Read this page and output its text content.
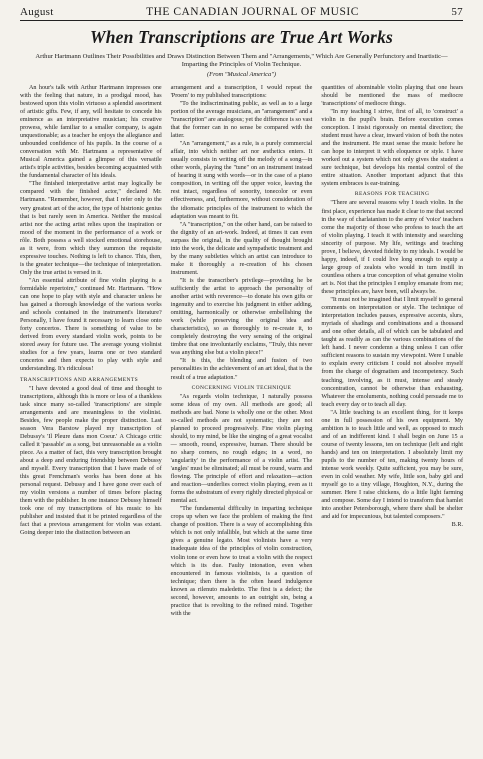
August	THE CANADIAN JOURNAL OF MUSIC	57
When Transcriptions are True Art Works
Arthur Hartmann Outlines Their Possibilities and Draws Distinction Between Them and "Arrangements," Which Are Generally Perfunctory and Inartistic—Imparting the Principles of Violin Technique.
(From "Musical America")

An hour's talk with Arthur Hartmann impresses one with the feeling that nature, in a prodigal mood, has bestowed upon this violin virtuoso a splendid assortment of artistic gifts. Few, if any, will hesitate to concede his eminence as an interpretative musician; his creative prowess, while familiar to a smaller company, is again unquestionable; as a teacher he enjoys the allegiance and unbounded confidence of his pupils. In the course of a conversation with Mr. Hartmann a representative of Musical America gained a glimpse of this versatile artist's triple activities, besides becoming acquainted with the fundamental character of his ideals.

"The finished interpretative artist may logically be compared with the finished actor," declared Mr. Hartmann. "Remember, however, that I refer only to the very greatest art of the actor, the type of histrionic genius that is but rarely seen in America. Neither the musical artist nor the acting artist relies upon the inspiration or mood of the moment in the performance of a work or rôle. Both possess a well stocked emotional storehouse, as it were, from which they summon the requisite expressive touches. Nothing is left to chance. This, then, is the greater technique—the technique of interpretation. Only the true artist is versed in it.

"An essential attribute of fine violin playing is a formidable repertoire," continued Mr. Hartmann. "How can one hope to play with style and character unless he has gained a thorough knowledge of the various works and schools contained in the instrument's literature? Personally, I have found it necessary to learn close onto forty concertos. There is something of value to be derived from every standard violin work, points to be stored away for future use. The average young violinist studies for a few years, learns one or two standard concertos and then expects to play with style and understanding. It's ridiculous!

TRANSCRIPTIONS AND ARRANGEMENTS

"I have devoted a good deal of time and thought to transcriptions, although this is more or less of a thankless task since many so-called 'transcriptions' are simple arrangements and are meaningless to the violinist. Besides, few people make the proper distinction. Last season Vera Barstow played my transcription of Debussy's 'Il Pleure dans mon Coeur.' A Chicago critic called it 'passable' as a song, but unreasonable as a violin piece. As a matter of fact, this very transcription brought about a deep and enduring friendship between Debussy and myself. Every transcription that I have made of of this great Frenchman's works has been done at his personal request. Debussy and I have gone over each of my violin versions a number of times before placing them with the publisher. In one instance Debussy himself took one of my transcriptions of his music to his publisher and insisted that it be printed regardless of the fact that a previous arrangement for violin was extant. Going deeper into the distinction between an

arrangement and a transcription, I would repeat the 'Proem' to my published transcriptions:

"To the indiscriminating public, as well as to a large portion of the average musicians, an "arrangement" and a "transcription" are analogous; yet the difference is so vast that the former can in no sense be compared with the latter.

"An "arrangement," as a rule, is a purely commercial affair, into which neither art nor æsthetics enters. It usually consists in writing off the melody of a song—in other words, playing the "tune" on an instrument instead of hearing it sung with words—or in the case of a piano composition, in writing off the upper voice, leaving the rest intact, regardless of sonority, tonecolor or even effectiveness, and, furthermore, without consideration of the idiomatic principles of the instrument to which the adaptation was meant to fit.

"A "transcription," on the other hand, can be raised to the dignity of an art-work. Indeed, at times it can even surpass the original, in the quality of thought brought into the work, the delicate and sympathetic treatment and by the many subtleties which an artist can introduce to make it thoroughly a re-creation of his chosen instrument.

"It is the transcriber's privilege—providing he be sufficiently the artist to approach the personality of another artist with reverence—to donate his own gifts or ingenuity and to exercise his judgment in either adding, omitting, harmonically or otherwise embellishing the work (while preserving the original idea and characteristics), so as thoroughly to re-create it, to completely destroying the very sensing of the original timbre that one involuntarily exclaims, "Truly, this never was anything else but a violin piece!"

"It is this, the blending and fusion of two personalities in the achievement of an art ideal, that is the result of a true adaptation."

CONCERNING VIOLIN TECHNIQUE

"As regards violin technique, I naturally possess some ideas of my own. All methods are good; all methods are bad. None is wholly one or the other. Most so-called methods are not systematic; they are not planned to proceed progressively. Fine violin playing should, to my mind, be like the singing of a great vocalist — smooth, round, expressive, human. There should be no sharp corners, no rough edges; in a word, no 'angularity' in the performance of a violin artist. The 'angles' must be eliminated; all must be round, warm and flowing. The principle of effort and relaxation—action and reaction—underlies correct violin playing, even as it forms the substratum of every rightly directed physical or mental act.

"The fundamental difficulty in imparting technique crops up when we face the problem of making the first change of position. There is a way of accomplishing this which is not only infallible, but which at the same time gives a genuine legato. Most violinists have a very inadequate idea of the principles of violin construction, violin tone or even how to treat a violin with the respect which is its due. Faulty intonation, even when encountered in famous violinists, is a question of technique; then there is the often heard indulgence known as rilenuto maledetto. The first is a defect; the second, however, amounts to an outright sin, being a practice that is revolting to the refined mind. Together with the

quantities of abominable violin playing that one hears should be mentioned the mass of mediocre 'transcriptions' of mediocre things.

"In my teaching I strive, first of all, to 'construct' a violin in the pupil's brain. Before execution comes conception. I insist rigorously on mental direction; the student must have a clear, inward vision of both the notes and the instrument. He must sense the music before he can hope to interpret it with eloquence or style. I have worked out a system which not only gives the student a sure technique, but develops his mental control of the entire situation. Another important adjunct that this system embraces is ear-training.

REASONS FOR TEACHING

"There are several reasons why I teach violin. In the first place, experience has made it clear to me that second in the way of charlatanism to the army of 'voice' teachers come the majority of those who profess to teach the art of violin playing. I teach it with intensity and searching sincerity of purpose. My life, writings and teaching prove, I believe, devoted fidelity to my ideals. I would be happy, indeed, if I could live long enough to equip a large group of zealots who would in turn instill in countless others a true conception of what genuine violin art is. Not that the principles I employ emanate from me; these principles are, have been, will always be.

"It must not be imagined that I limit myself to general comments on interpretation or style. The technique of interpretation includes pauses, expressive accents, slurs, myriads of shadings and combinations and a thousand and one other details, all of which can be tabulated and taught as readily as can the various combinations of the left hand. I never condemn a thing unless I can offer sufficient reasons to sustain my viewpoint. Were I unable to explain every criticism I could not absolve myself from the charge of dogmatism and incompetency. Such teaching, involving, as it must, intense and steady concentration, cannot be otherwise than exhausting. Whatever the emoluments, nothing could persuade me to teach every day or to teach all day.

"A little teaching is an excellent thing, for it keeps one in full possession of his own equipment. My ambition is to teach little and well, as opposed to much and of an indifferent kind. I shall begin on June 15 a course of twenty lessons, ten on technique (left and right hands) and ten on interpretation. I absolutely limit my pupils to the number of ten, making twenty hours of intense work weekly. Quite sufficient, you may be sure, even in cold weather. My wife, little son, baby girl and myself go to a tiny village, Houghton, N.Y., during the summer. Here I raise chickens, do a little light farming and compose. Some day I intend to transform that hamlet into another Petersborough, where there shall be shelter and aid for impecunious, but talented composers."

B.R.
